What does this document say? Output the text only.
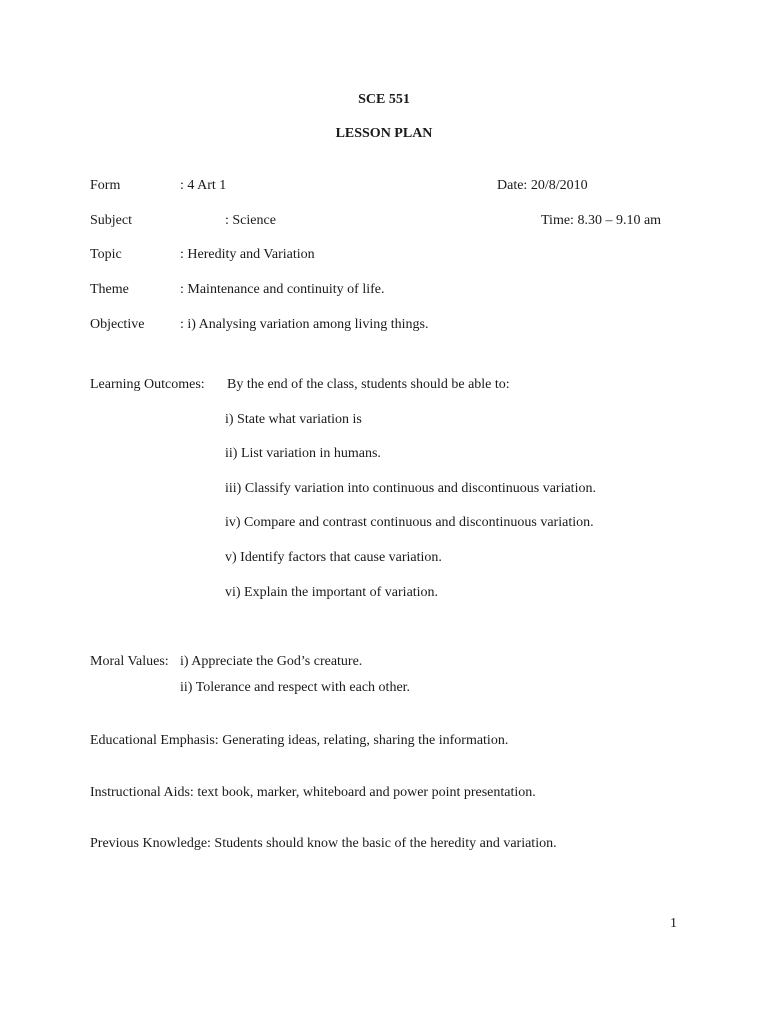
SCE 551
LESSON PLAN
Form	: 4 Art 1	Date: 20/8/2010
Subject	: Science	Time: 8.30 – 9.10 am
Topic	: Heredity and Variation
Theme	: Maintenance and continuity of life.
Objective	: i) Analysing variation among living things.
Learning Outcomes: By the end of the class, students should be able to:
i) State what variation is
ii) List variation in humans.
iii) Classify variation into continuous and discontinuous variation.
iv) Compare and contrast continuous and discontinuous variation.
v) Identify factors that cause variation.
vi) Explain the important of variation.
Moral Values: i) Appreciate the God’s creature.
ii) Tolerance and respect with each other.
Educational Emphasis: Generating ideas, relating, sharing the information.
Instructional Aids: text book, marker, whiteboard and power point presentation.
Previous Knowledge: Students should know the basic of the heredity and variation.
1
